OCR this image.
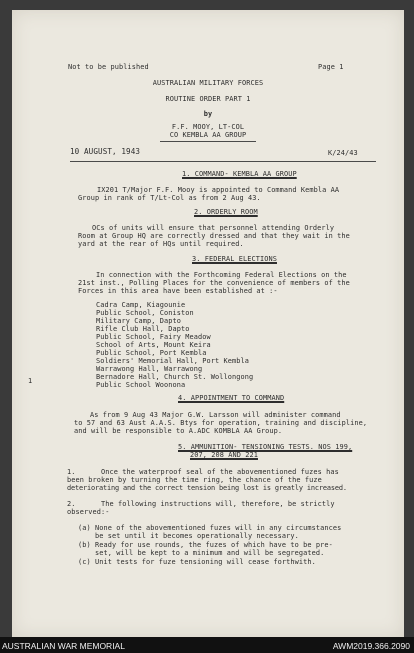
Not to be published	Page 1
AUSTRALIAN MILITARY FORCES
ROUTINE ORDER PART 1
by
F.F. MOOY, LT-COL
CO KEMBLA AA GROUP
10 AUGUST, 1943	K/24/43
1. COMMAND- KEMBLA AA GROUP
IX201 T/Major F.F. Mooy is appointed to Command Kembla AA
Group in rank of T/Lt-Col as from 2 Aug 43.
2. ORDERLY ROOM
OCs of units will ensure that personnel attending Orderly
Room at Group HQ are correctly dressed and that they wait in the
yard at the rear of HQs until required.
3. FEDERAL ELECTIONS
In connection with the Forthcoming Federal Elections on the
21st inst., Polling Places for the convenience of members of the
Forces in this area have been established at :-
Cadra Camp, Kiagounie
Public School, Coniston
Military Camp, Dapto
Rifle Club Hall, Dapto
Public School, Fairy Meadow
School of Arts, Mount Keira
Public School, Port Kembla
Soldiers' Memorial Hall, Port Kembla
Warrawong Hall, Warrawong
Bernadore Hall, Church St. Wollongong
Public School Woonona
1
4. APPOINTMENT TO COMMAND
As from 9 Aug 43 Major G.W. Larsson will administer command
to 57 and 63 Aust A.A.S. Btys for operation, training and discipline,
and will be responsible to A.ADC KOMBLA AA Group.
5. AMMUNITION- TENSIONING TESTS. NOS 199,
207, 208 AND 221
1.      Once the waterproof seal of the abovementioned fuzes has
been broken by turning the time ring, the chance of the fuze
deteriorating and the correct tension being lost is greatly increased.
2.      The following instructions will, therefore, be strictly
observed:-
(a) None of the abovementioned fuzes will in any circumstances
be set until it becomes operationally necessary.
(b) Ready for use rounds, the fuzes of which have to be pre-
set, will be kept to a minimum and will be segregated.
(c) Unit tests for fuze tensioning will cease forthwith.
AUSTRALIAN WAR MEMORIAL	AWM2019.366.2090
